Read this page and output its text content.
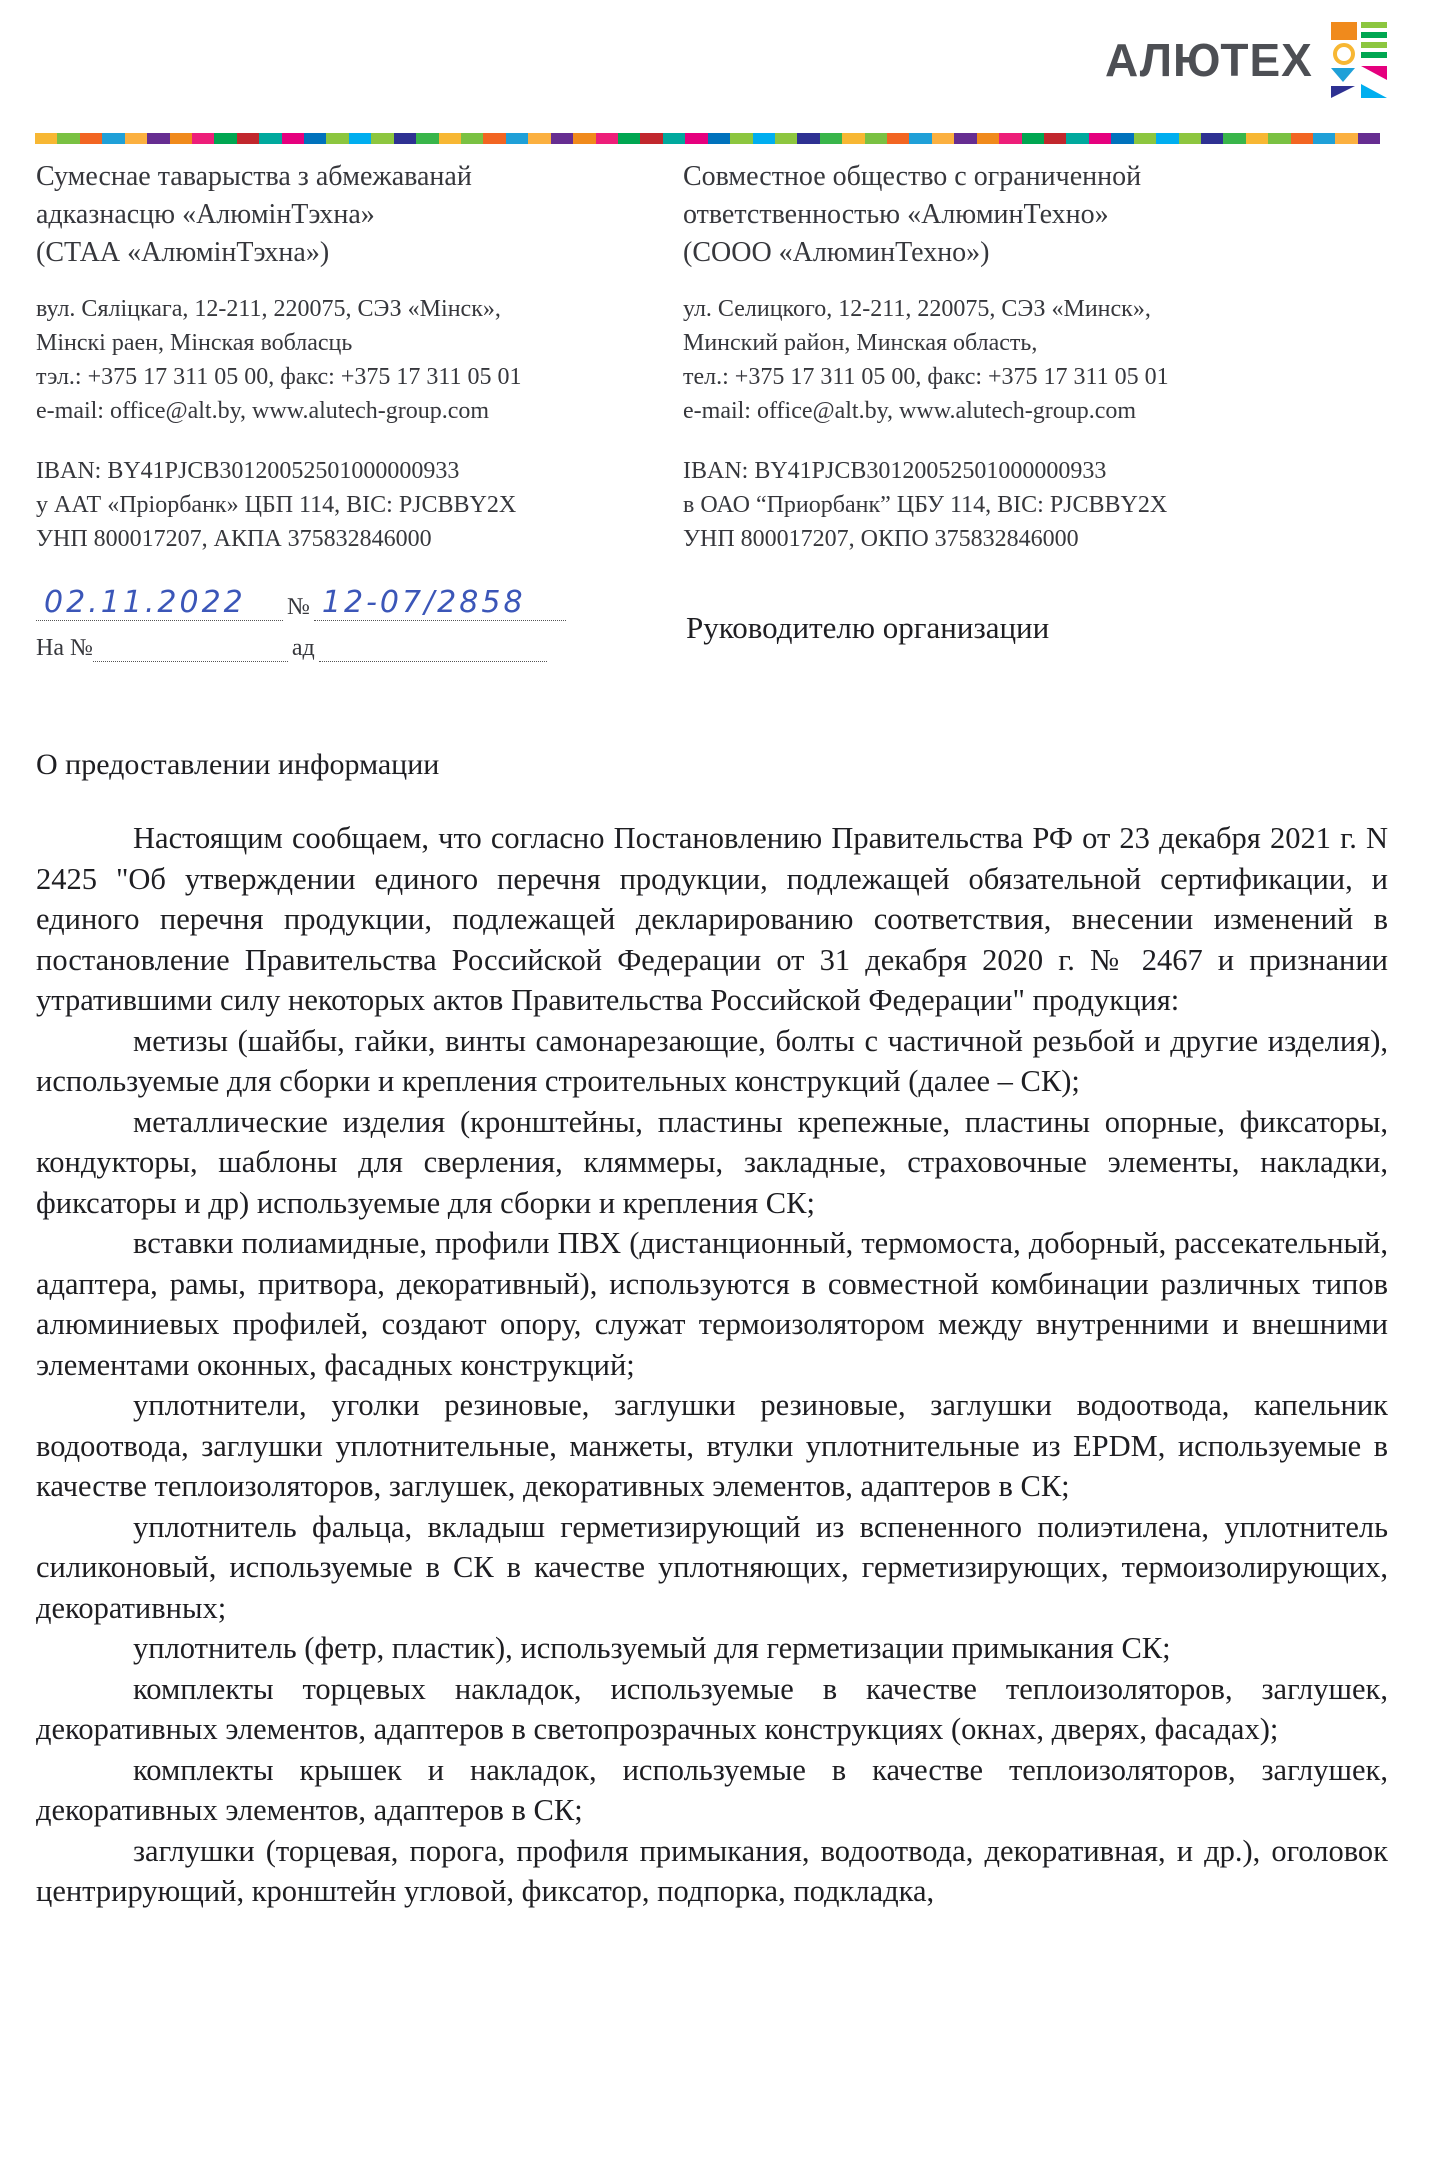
АЛЮТЕХ
Сумеснае таварыства з абмежаванай
адказнасцю «АлюмiнТэхна»
(СТАА «АлюмiнТэхна»)
вул. Сяліцкага, 12-211, 220075, СЭЗ «Мінск»,
Мінскі раен, Мінская вобласць
тэл.: +375 17 311 05 00, факс: +375 17 311 05 01
e-mail: office@alt.by, www.alutech-group.com
IBAN: BY41PJCB30120052501000000933
у ААТ «Пріорбанк» ЦБП 114, BIC: PJCBBY2X
УНП 800017207, АКПА 375832846000
Совместное общество с ограниченной
ответственностью «АлюминТехно»
(СООО «АлюминТехно»)
ул. Селицкого, 12-211, 220075, СЭЗ «Минск»,
Минский район, Минская область,
тел.: +375 17 311 05 00, факс: +375 17 311 05 01
e-mail: office@alt.by, www.alutech-group.com
IBAN: BY41PJCB30120052501000000933
в ОАО “Приорбанк” ЦБУ 114, BIC: PJCBBY2X
УНП 800017207, ОКПО 375832846000
02.11.2022	№ 12-07/2858
На №	ад
Руководителю организации
О предоставлении информации

Настоящим сообщаем, что согласно Постановлению Правительства РФ от 23 декабря 2021 г. N 2425 "Об утверждении единого перечня продукции, подлежащей обязательной сертификации, и единого перечня продукции, подлежащей декларированию соответствия, внесении изменений в постановление Правительства Российской Федерации от 31 декабря 2020 г. № 2467 и признании утратившими силу некоторых актов Правительства Российской Федерации" продукция:

метизы (шайбы, гайки, винты самонарезающие, болты с частичной резьбой и другие изделия), используемые для сборки и крепления строительных конструкций (далее – СК);

металлические изделия (кронштейны, пластины крепежные, пластины опорные, фиксаторы, кондукторы, шаблоны для сверления, кляммеры, закладные, страховочные элементы, накладки, фиксаторы и др) используемые для сборки и крепления СК;

вставки полиамидные, профили ПВХ (дистанционный, термомоста, доборный, рассекательный, адаптера, рамы, притвора, декоративный), используются в совместной комбинации различных типов алюминиевых профилей, создают опору, служат термоизолятором между внутренними и внешними элементами оконных, фасадных конструкций;

уплотнители, уголки резиновые, заглушки резиновые, заглушки водоотвода, капельник водоотвода, заглушки уплотнительные, манжеты, втулки уплотнительные из EPDM, используемые в качестве теплоизоляторов, заглушек, декоративных элементов, адаптеров в СК;

уплотнитель фальца, вкладыш герметизирующий из вспененного полиэтилена, уплотнитель силиконовый, используемые в СК в качестве уплотняющих, герметизирующих, термоизолирующих, декоративных;

уплотнитель (фетр, пластик), используемый для герметизации примыкания СК;

комплекты торцевых накладок, используемые в качестве теплоизоляторов, заглушек, декоративных элементов, адаптеров в светопрозрачных конструкциях (окнах, дверях, фасадах);

комплекты крышек и накладок, используемые в качестве теплоизоляторов, заглушек, декоративных элементов, адаптеров в СК;

заглушки (торцевая, порога, профиля примыкания, водоотвода, декоративная, и др.), оголовок центрирующий, кронштейн угловой, фиксатор, подпорка, подкладка,
